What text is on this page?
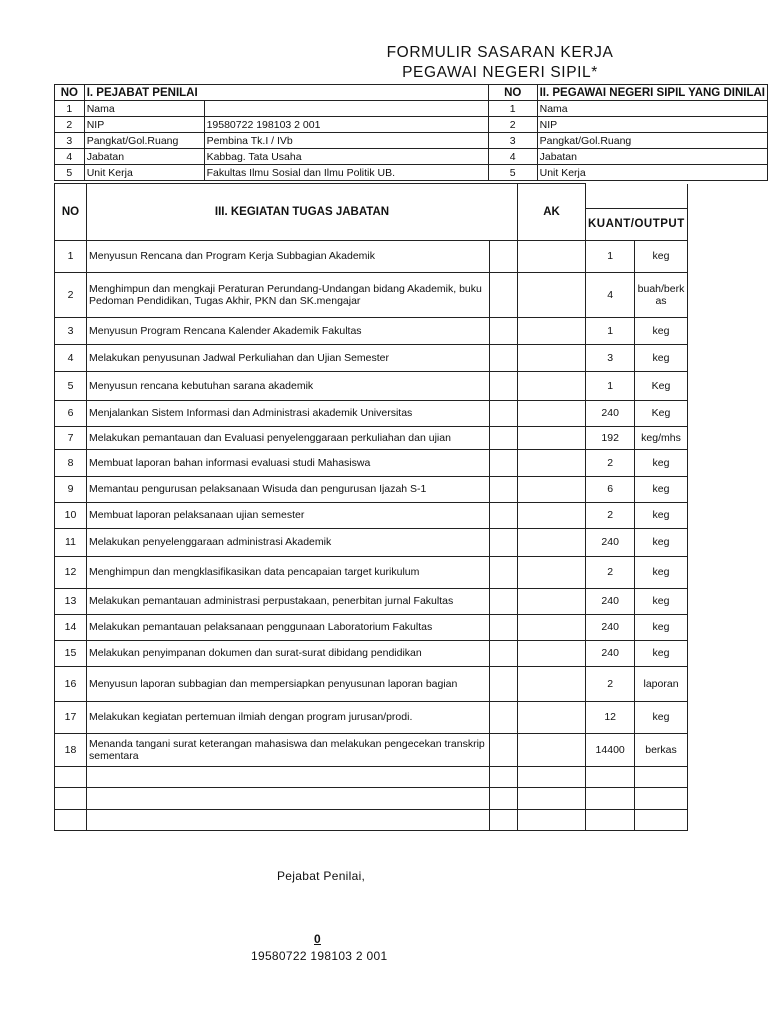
FORMULIR SASARAN KERJA
PEGAWAI NEGERI SIPIL*
NO	I. PEJABAT PENILAI		NO	II. PEGAWAI NEGERI SIPIL YANG DINILAI
1	Nama		1	Nama
2	NIP	19580722 198103 2 001	2	NIP
3	Pangkat/Gol.Ruang	Pembina Tk.I / IVb	3	Pangkat/Gol.Ruang
4	Jabatan	Kabbag. Tata Usaha	4	Jabatan
5	Unit Kerja	Fakultas Ilmu Sosial dan Ilmu Politik UB.	5	Unit Kerja
NO	III. KEGIATAN TUGAS JABATAN		AK		
				KUANT/OUTPUT	
1	Menyusun Rencana dan Program Kerja Subbagian Akademik			1	keg
2	Menghimpun dan mengkaji Peraturan Perundang-Undangan bidang Akademik, buku Pedoman Pendidikan, Tugas Akhir, PKN dan SK.mengajar			4	buah/berkas
3	Menyusun Program Rencana Kalender Akademik Fakultas			1	keg
4	Melakukan penyusunan Jadwal Perkuliahan dan Ujian Semester			3	keg
5	Menyusun rencana kebutuhan sarana akademik			1	Keg
6	Menjalankan Sistem Informasi dan Administrasi akademik Universitas			240	Keg
7	Melakukan pemantauan dan Evaluasi penyelenggaraan perkuliahan dan ujian			192	keg/mhs
8	Membuat laporan bahan informasi evaluasi studi Mahasiswa			2	keg
9	Memantau pengurusan pelaksanaan Wisuda dan pengurusan Ijazah S-1			6	keg
10	Membuat laporan pelaksanaan ujian semester			2	keg
11	Melakukan penyelenggaraan administrasi Akademik			240	keg
12	Menghimpun dan mengklasifikasikan data pencapaian target kurikulum			2	keg
13	Melakukan pemantauan administrasi perpustakaan, penerbitan jurnal Fakultas			240	keg
14	Melakukan pemantauan pelaksanaan penggunaan Laboratorium Fakultas			240	keg
15	Melakukan penyimpanan dokumen dan surat-surat dibidang pendidikan			240	keg
16	Menyusun laporan subbagian dan mempersiapkan penyusunan laporan bagian			2	laporan
17	Melakukan kegiatan pertemuan ilmiah dengan program jurusan/prodi.			12	keg
18	Menanda tangani surat keterangan mahasiswa dan melakukan pengecekan transkrip sementara			14400	berkas

Pejabat Penilai,
0
19580722 198103 2 001
